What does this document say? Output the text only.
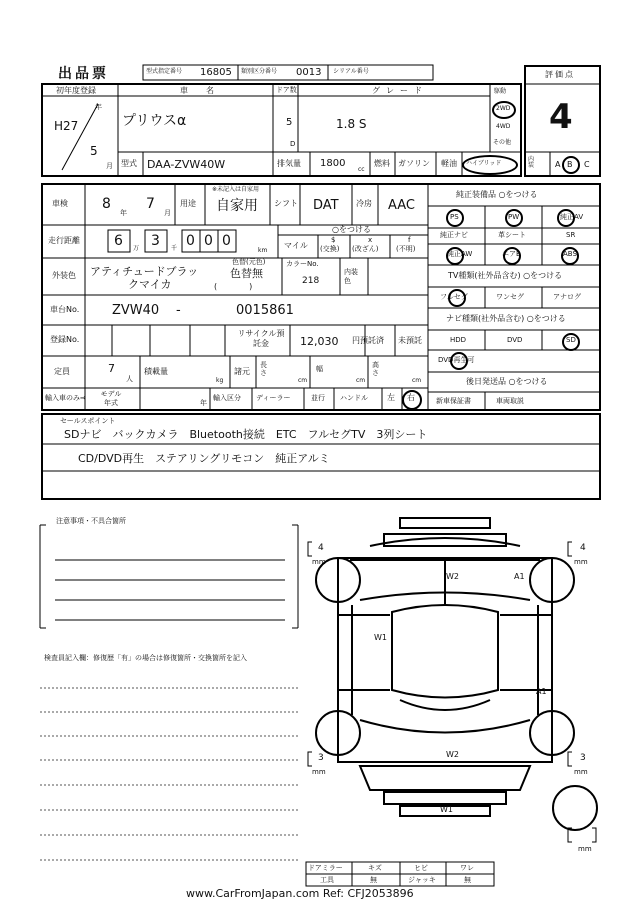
出品票	型式指定番号 16805 類別区分番号 0013 シリアル番号	評価点
4
初年度登録
年
H27
5
月
車名
プリウスα
ドア数
5
D
グレード
1.8 S
駆動
2WD
4WD
その他
型式 DAA-ZVW40W	排気量 1800
cc
燃料 ガソリン 軽油 ハイブリッド
内装	A B C
車検 8
年
7
月
用途
※未記入は自家用
自家用 シフト DAT 冷房 AAC
走行距離 6 万 3 千 0 0 0
km
マイル
○をつける
$
(交換)
x
(改ざん)
f
(不明)
外装色 アティチュードブラッ
クマイカ
色替(元色)
色替無
(　　　　)
カラーNo.
218
内装色
車台No.	ZVW40 -	0015861
登録No.
リサイクル預託金	12,030 円預託済 未預託
定員	7
人
積載量
kg
諸元
長さ
cm
幅
cm
高さ
cm
輸入車のみ⇒ モデル年式	年
輸入区分 ディーラー	並行 ハンドル 左 右
純正装備品 ○をつける
PS	PW	純正AV
純正ナビ	革シート	SR
純正AW	エアB	ABS
TV種類(社外品含む) ○をつける
フルセグ	ワンセグ	アナログ
ナビ種類(社外品含む) ○をつける
HDD	DVD	SD
DVD再生可
後日発送品 ○をつける
新車保証書	車両取説
セールスポイント
SDナビ　バックカメラ　Bluetooth接続　ETC　フルセグTV　3列シート
CD/DVD再生　ステアリングリモコン　純正アルミ
注意事項・不具合箇所
検査員記入欄：修復歴「有」の場合は修復箇所・交換箇所を記入
W2	A1
W1
A1
W2
W1
4
mm
4
mm
3
mm
3
mm
mm
ドアミラー	キズ	ヒビ	ワレ
工具	無	ジャッキ	無
www.CarFromJapan.com Ref: CFJ2053896
